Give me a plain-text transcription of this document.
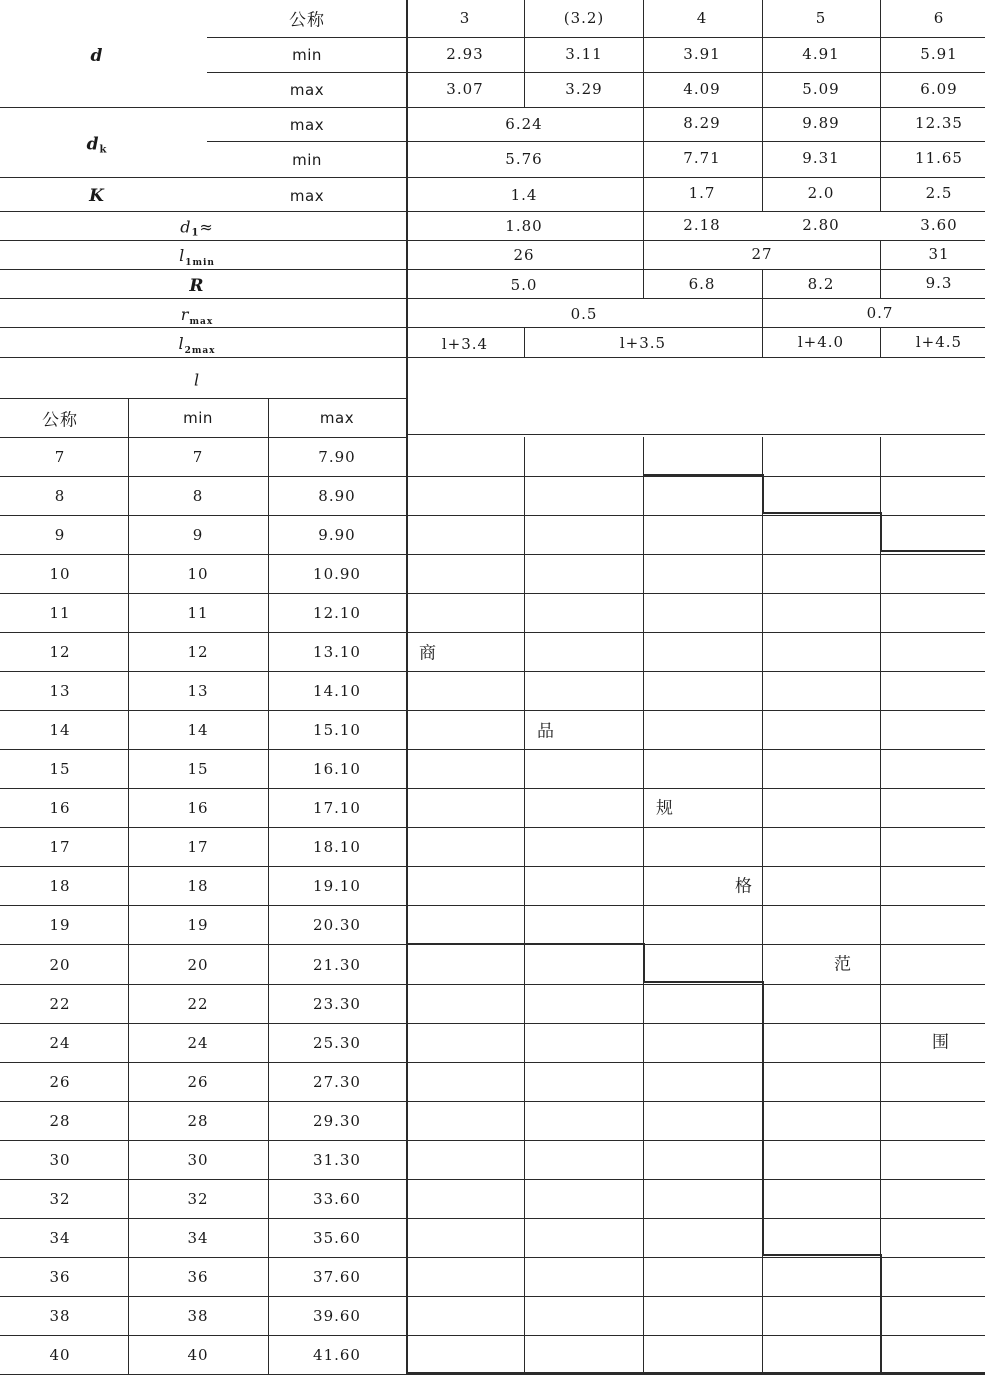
公称	3	(3.2)	4	5	6
d	min	2.93	3.11	3.91	4.91	5.91
max	3.07	3.29	4.09	5.09	6.09
$d_k$
max	6.24	8.29	9.89	12.35
min	5.76	7.71	9.31	11.65
K	max	1.4	1.7	2.0	2.5
$d_1\approx$	1.80	2.18	2.80	3.60
$l_{1min}$	26	27	31
R	5.0	6.8	8.2	9.3
$r_{max}$	0.5	0.7
$l_{2max}$	l+3.4	l+3.5	l+4.0	l+4.5
l
公称	min	max
7	7	7.90
8	8	8.90
9	9	9.90
10	10	10.90
11	11	12.10
12	12	13.10
13	13	14.10
14	14	15.10
15	15	16.10
16	16	17.10
17	17	18.10
18	18	19.10
19	19	20.30
20	20	21.30
22	22	23.30
24	24	25.30
26	26	27.30
28	28	29.30
30	30	31.30
32	32	33.60
34	34	35.60
36	36	37.60
38	38	39.60
40	40	41.60
商
品
规
格
范
围
